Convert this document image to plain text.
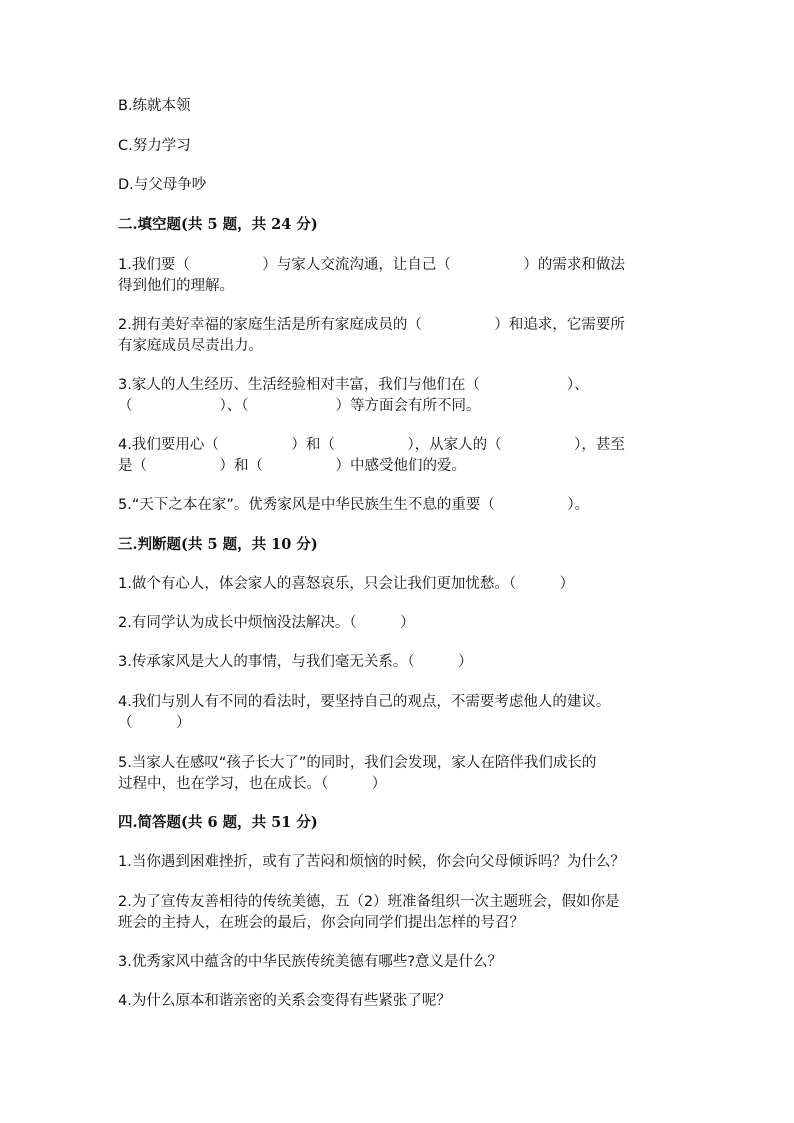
B.练就本领
C.努力学习
D.与父母争吵
二.填空题(共 5 题，共 24 分)
1.我们要（　　　　　）与家人交流沟通，让自己（　　　　　）的需求和做法
得到他们的理解。
2.拥有美好幸福的家庭生活是所有家庭成员的（　　　　　）和追求，它需要所
有家庭成员尽责出力。
3.家人的人生经历、生活经验相对丰富，我们与他们在（　　　　　　）、
（　　　　　　）、（　　　　　　）等方面会有所不同。
4.我们要用心（　　　　　）和（　　　　　），从家人的（　　　　　），甚至
是（　　　　　）和（　　　　　）中感受他们的爱。
5.“天下之本在家”。优秀家风是中华民族生生不息的重要（　　　　　）。
三.判断题(共 5 题，共 10 分)
1.做个有心人，体会家人的喜怒哀乐，只会让我们更加忧愁。（　　　）
2.有同学认为成长中烦恼没法解决。（　　　）
3.传承家风是大人的事情，与我们毫无关系。（　　　）
4.我们与别人有不同的看法时，要坚持自己的观点，不需要考虑他人的建议。
（　　　）
5.当家人在感叹“孩子长大了”的同时，我们会发现，家人在陪伴我们成长的
过程中，也在学习，也在成长。（　　　）
四.简答题(共 6 题，共 51 分)
1.当你遇到困难挫折，或有了苦闷和烦恼的时候，你会向父母倾诉吗？为什么？
2.为了宣传友善相待的传统美德，五（2）班准备组织一次主题班会，假如你是
班会的主持人，在班会的最后，你会向同学们提出怎样的号召？
3.优秀家风中蕴含的中华民族传统美德有哪些?意义是什么？
4.为什么原本和谐亲密的关系会变得有些紧张了呢？
